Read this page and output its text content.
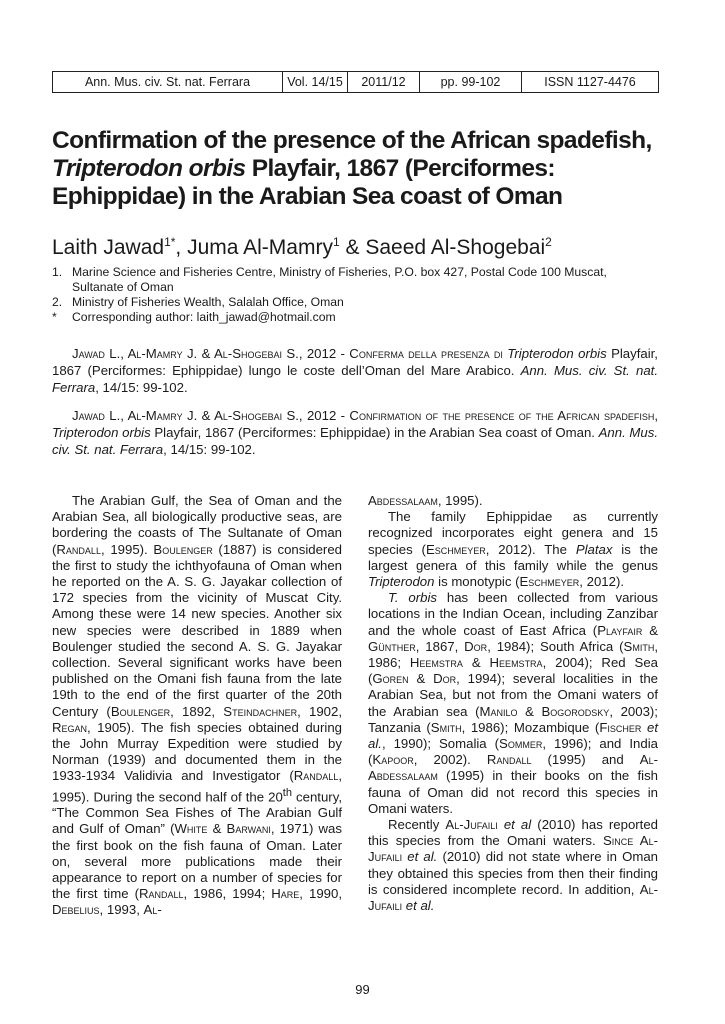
Ann. Mus. civ. St. nat. Ferrara	Vol. 14/15	2011/12	pp. 99-102	ISSN 1127-4476
Confirmation of the presence of the African spadefish,
Tripterodon orbis Playfair, 1867 (Perciformes:
Ephippidae) in the Arabian Sea coast of Oman
Laith Jawad$^{1*}$, Juma Al-Mamry$^1$ & Saeed Al-Shogebai$^2$
1. Marine Science and Fisheries Centre, Ministry of Fisheries, P.O. box 427, Postal Code 100 Muscat, Sultanate of Oman
2. Ministry of Fisheries Wealth, Salalah Office, Oman
*	Corresponding author: laith_jawad@hotmail.com

Jawad L., Al-Mamry J. & Al-Shogebai S., 2012 - Conferma della presenza di Tripterodon orbis Playfair, 1867 (Perciformes: Ephippidae) lungo le coste dell’Oman del Mare Arabico. Ann. Mus. civ. St. nat. Ferrara, 14/15: 99-102.

Jawad L., Al-Mamry J. & Al-Shogebai S., 2012 - Confirmation of the presence of the African spadefish, Tripterodon orbis Playfair, 1867 (Perciformes: Ephippidae) in the Arabian Sea coast of Oman. Ann. Mus. civ. St. nat. Ferrara, 14/15: 99-102.

The Arabian Gulf, the Sea of Oman and the Arabian Sea, all biologically productive seas, are bordering the coasts of The Sultanate of Oman (Randall, 1995). Boulenger (1887) is considered the first to study the ichthyofauna of Oman when he reported on the A. S. G. Jayakar collection of 172 species from the vicinity of Muscat City. Among these were 14 new species. Another six new species were described in 1889 when Boulenger studied the second A. S. G. Jayakar collection. Several significant works have been published on the Omani fish fauna from the late 19th to the end of the first quarter of the 20th Century (Boulenger, 1892, Steindachner, 1902, Regan, 1905). The fish species obtained during the John Murray Expedition were studied by Norman (1939) and documented them in the 1933-1934 Validivia and Investigator (Randall, 1995). During the second half of the 20th century, “The Common Sea Fishes of The Arabian Gulf and Gulf of Oman” (White & Barwani, 1971) was the first book on the fish fauna of Oman. Later on, several more publications made their appearance to report on a number of species for the first time (Randall, 1986, 1994; Hare, 1990, Debelius, 1993, Al-

Abdessalaam, 1995).

The family Ephippidae as currently recognized incorporates eight genera and 15 species (Eschmeyer, 2012). The Platax is the largest genera of this family while the genus Tripterodon is monotypic (Eschmeyer, 2012).

T. orbis has been collected from various locations in the Indian Ocean, including Zanzibar and the whole coast of East Africa (Playfair & Günther, 1867, Dor, 1984); South Africa (Smith, 1986; Heemstra & Heemstra, 2004); Red Sea (Goren & Dor, 1994); several localities in the Arabian Sea, but not from the Omani waters of the Arabian sea (Manilo & Bogorodsky, 2003); Tanzania (Smith, 1986); Mozambique (Fischer et al., 1990); Somalia (Sommer, 1996); and India (Kapoor, 2002). Randall (1995) and Al-Abdessalaam (1995) in their books on the fish fauna of Oman did not record this species in Omani waters.

Recently Al-Jufaili et al (2010) has reported this species from the Omani waters. Since Al-Jufaili et al. (2010) did not state where in Oman they obtained this species from then their finding is considered incomplete record. In addition, Al-Jufaili et al.

99
